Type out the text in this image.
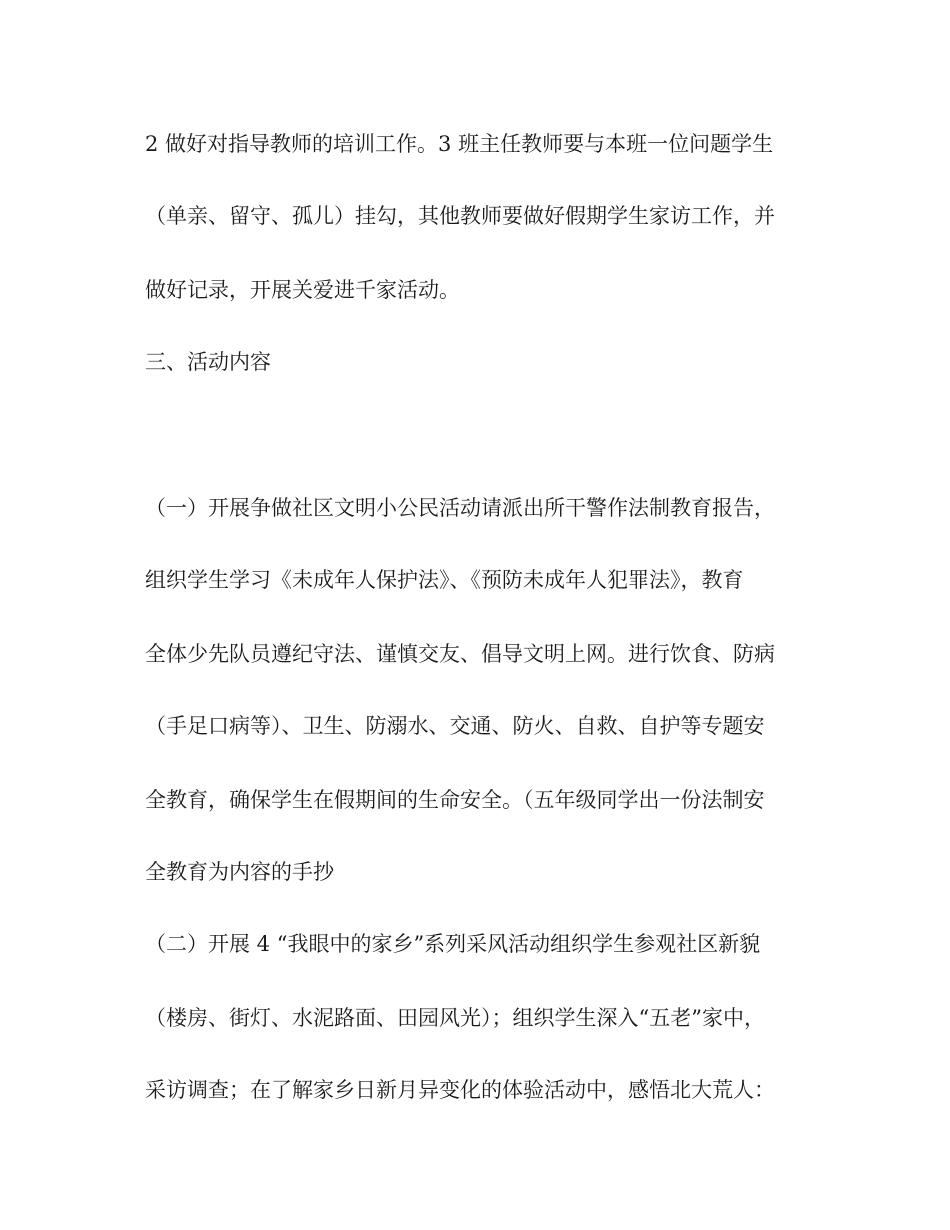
2 做好对指导教师的培训工作。3 班主任教师要与本班一位问题学生
（单亲、留守、孤儿）挂勾，其他教师要做好假期学生家访工作，并
做好记录，开展关爱进千家活动。
三、活动内容
（一）开展争做社区文明小公民活动请派出所干警作法制教育报告，
组织学生学习《未成年人保护法》、《预防未成年人犯罪法》，教育
全体少先队员遵纪守法、谨慎交友、倡导文明上网。进行饮食、防病
（手足口病等）、卫生、防溺水、交通、防火、自救、自护等专题安
全教育，确保学生在假期间的生命安全。（五年级同学出一份法制安
全教育为内容的手抄
（二）开展 4 “我眼中的家乡”系列采风活动组织学生参观社区新貌
（楼房、街灯、水泥路面、田园风光）；组织学生深入“五老”家中，
采访调查；在了解家乡日新月异变化的体验活动中，感悟北大荒人：
